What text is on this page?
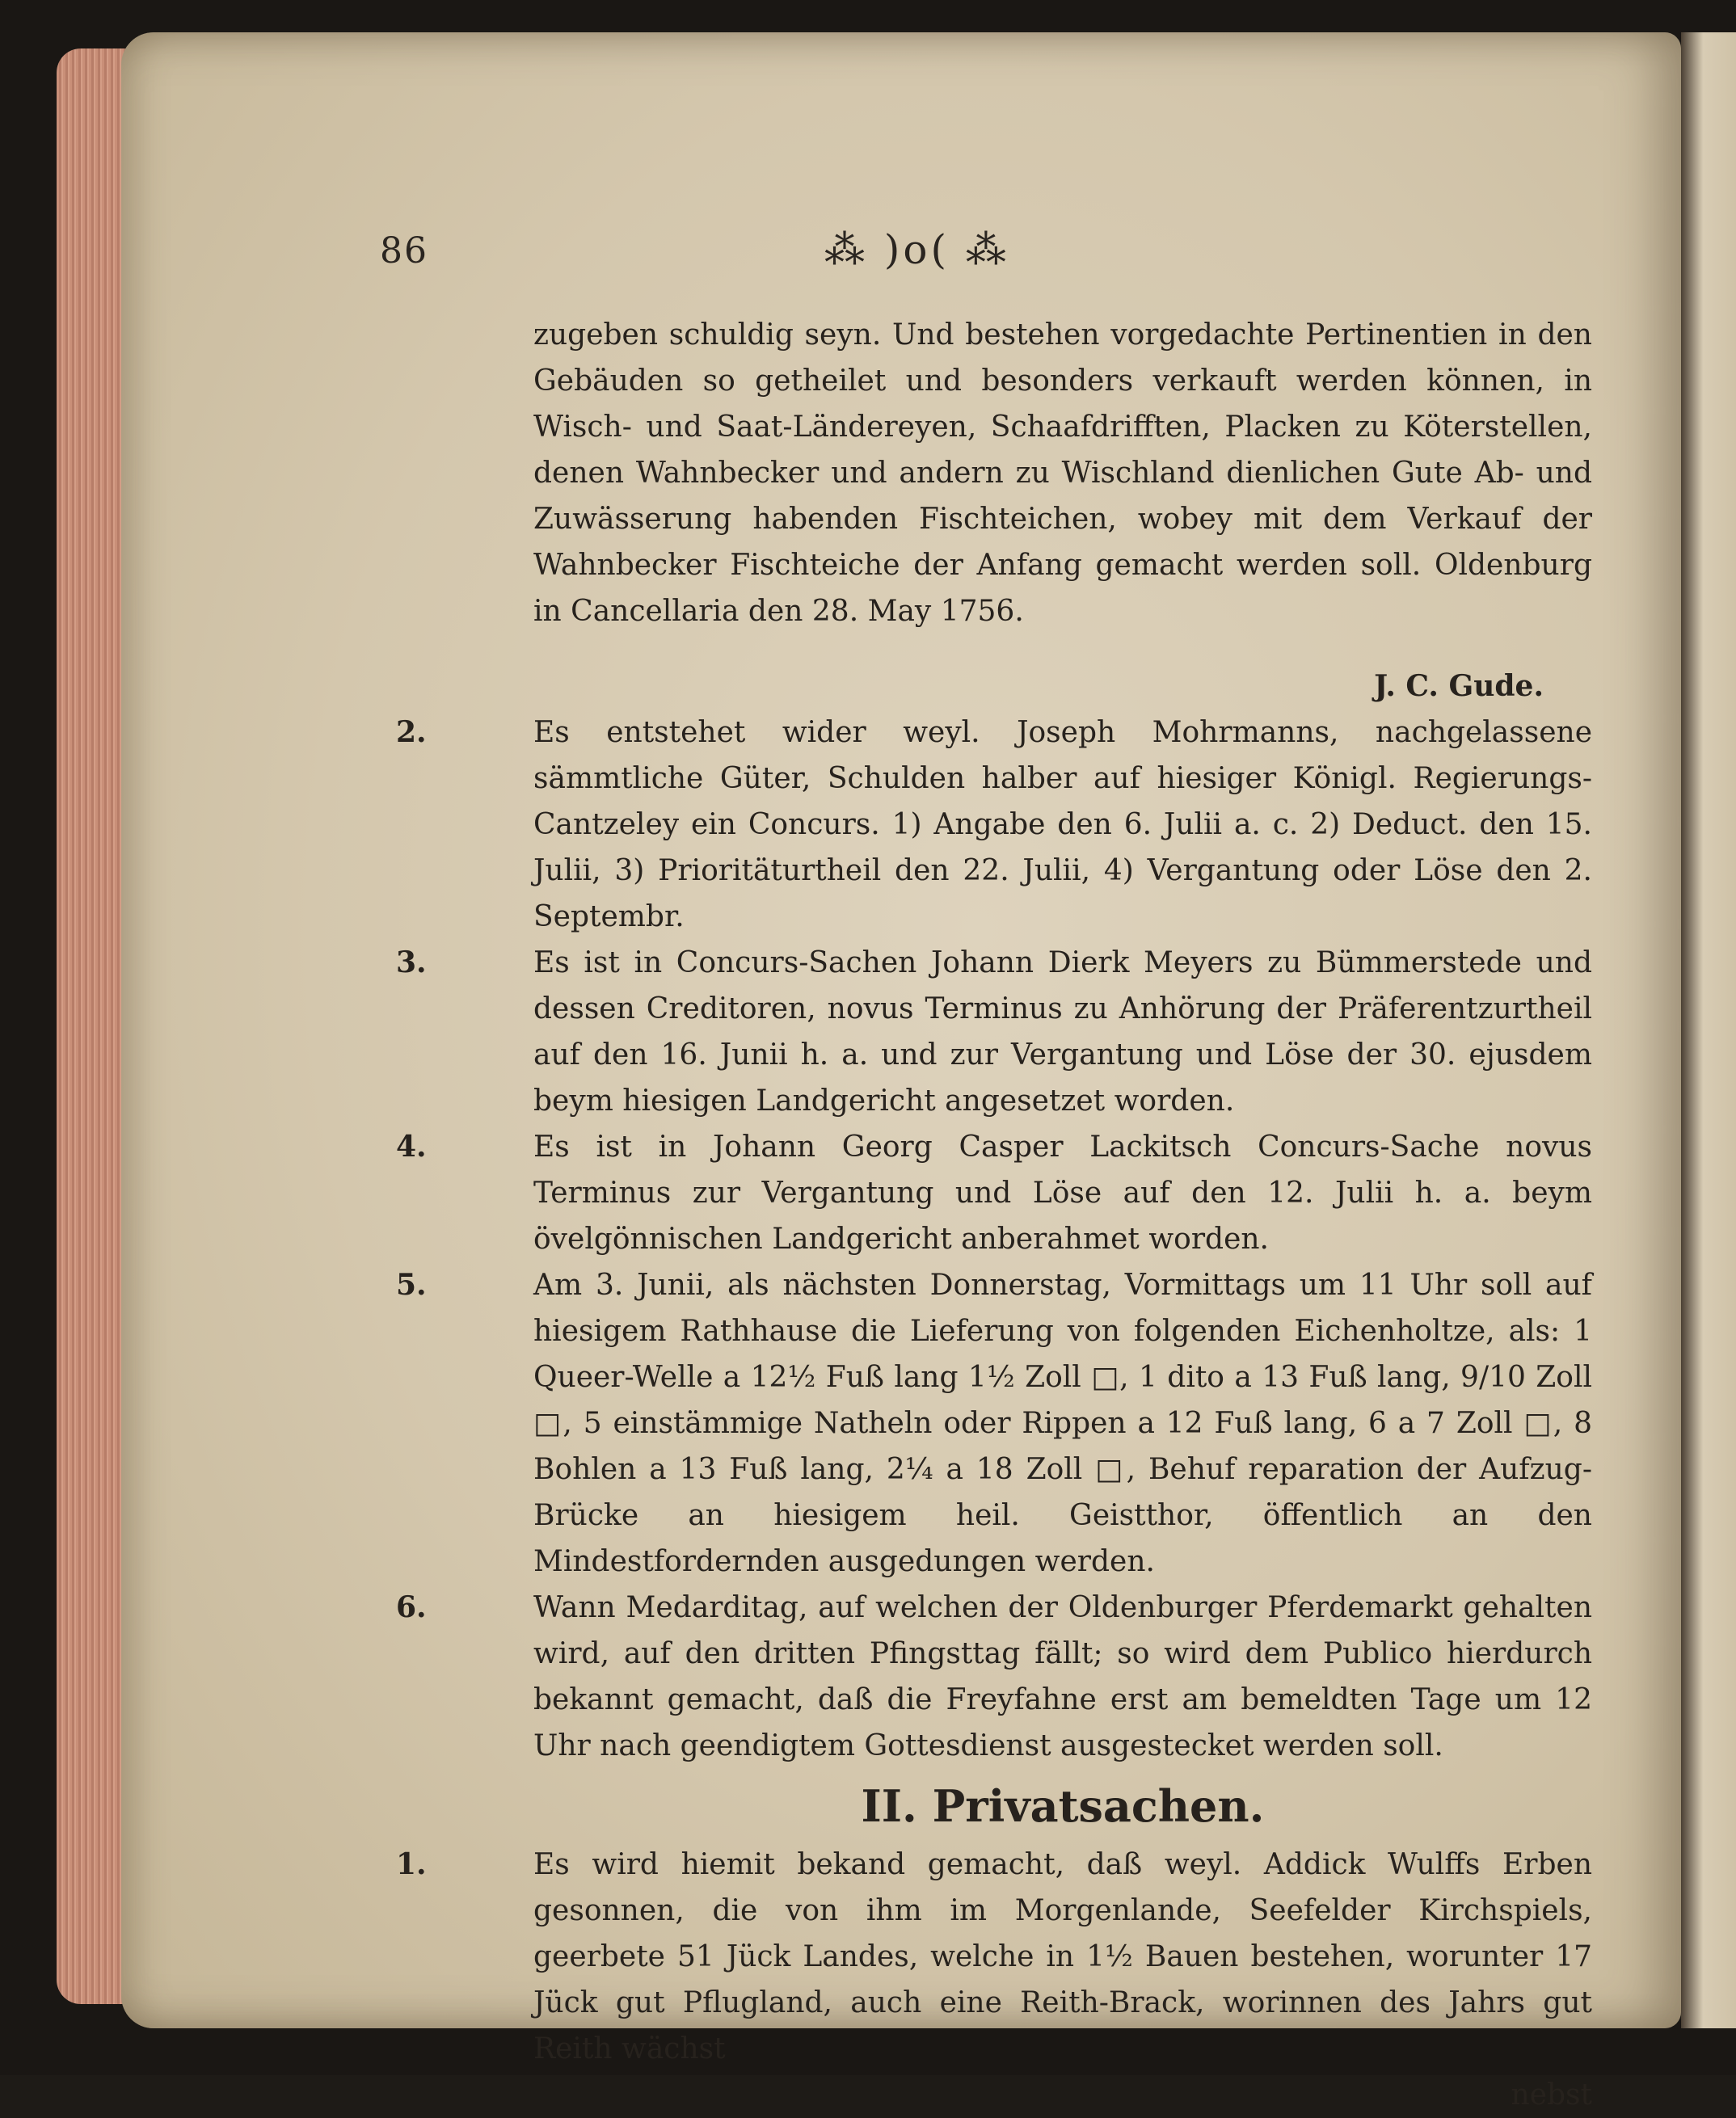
86	⁂ )o( ⁂

zugeben schuldig seyn. Und bestehen vorgedachte Pertinentien in den Gebäuden so getheilet und besonders verkauft werden können, in Wisch- und Saat-Ländereyen, Schaafdrifften, Placken zu Köterstellen, denen Wahnbecker und andern zu Wischland dienlichen Gute Ab- und Zuwässerung habenden Fischteichen, wobey mit dem Verkauf der Wahnbecker Fischteiche der Anfang gemacht werden soll. Oldenburg in Cancellaria den 28. May 1756.

J. C. Gude.
2.	Es entstehet wider weyl. Joseph Mohrmanns, nachgelassene sämmtliche Güter, Schulden halber auf hiesiger Königl. Regierungs-Cantzeley ein Concurs. 1) Angabe den 6. Julii a. c. 2) Deduct. den 15. Julii, 3) Prioritäturtheil den 22. Julii, 4) Vergantung oder Löse den 2. Septembr.
3.	Es ist in Concurs-Sachen Johann Dierk Meyers zu Bümmerstede und dessen Creditoren, novus Terminus zu Anhörung der Präferentzurtheil auf den 16. Junii h. a. und zur Vergantung und Löse der 30. ejusdem beym hiesigen Landgericht angesetzet worden.
4.	Es ist in Johann Georg Casper Lackitsch Concurs-Sache novus Terminus zur Vergantung und Löse auf den 12. Julii h. a. beym övelgönnischen Landgericht anberahmet worden.
5.	Am 3. Junii, als nächsten Donnerstag, Vormittags um 11 Uhr soll auf hiesigem Rathhause die Lieferung von folgenden Eichenholtze, als: 1 Queer-Welle a 12½ Fuß lang 1½ Zoll □, 1 dito a 13 Fuß lang, 9/10 Zoll □, 5 einstämmige Natheln oder Rippen a 12 Fuß lang, 6 a 7 Zoll □, 8 Bohlen a 13 Fuß lang, 2¼ a 18 Zoll □, Behuf reparation der Aufzug-Brücke an hiesigem heil. Geistthor, öffentlich an den Mindestfordernden ausgedungen werden.
6.	Wann Medarditag, auf welchen der Oldenburger Pferdemarkt gehalten wird, auf den dritten Pfingsttag fällt; so wird dem Publico hierdurch bekannt gemacht, daß die Freyfahne erst am bemeldten Tage um 12 Uhr nach geendigtem Gottesdienst ausgestecket werden soll.
II. Privatsachen.
1.	Es wird hiemit bekand gemacht, daß weyl. Addick Wulffs Erben gesonnen, die von ihm im Morgenlande, Seefelder Kirchspiels, geerbete 51 Jück Landes, welche in 1½ Bauen bestehen, worunter 17 Jück gut Pflugland, auch eine Reith-Brack, worinnen des Jahrs gut Reith wächst
nebst
